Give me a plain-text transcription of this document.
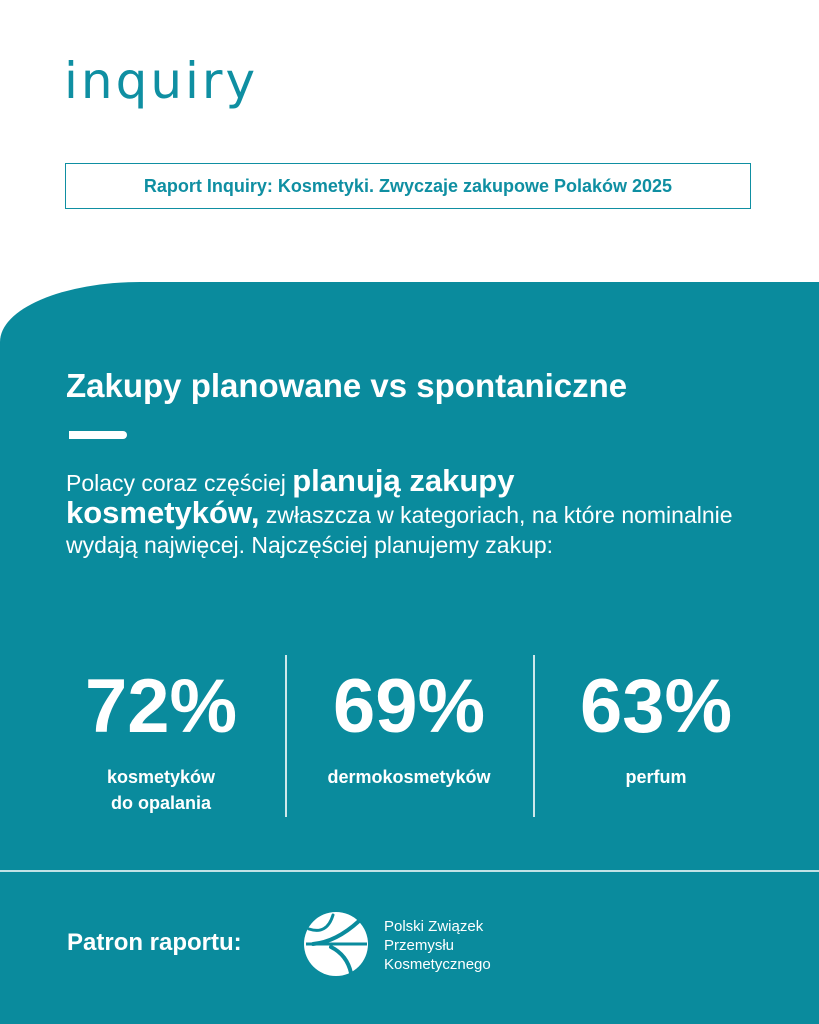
inquiry
Raport Inquiry: Kosmetyki. Zwyczaje zakupowe Polaków 2025
Zakupy planowane vs spontaniczne
Polacy coraz częściej planują zakupy
kosmetyków, zwłaszcza w kategoriach, na które nominalnie wydają najwięcej. Najczęściej planujemy zakup:
72%
kosmetyków
do opalania
69%
dermokosmetyków
63%
perfum
Patron raportu:
Polski Związek
Przemysłu
Kosmetycznego
